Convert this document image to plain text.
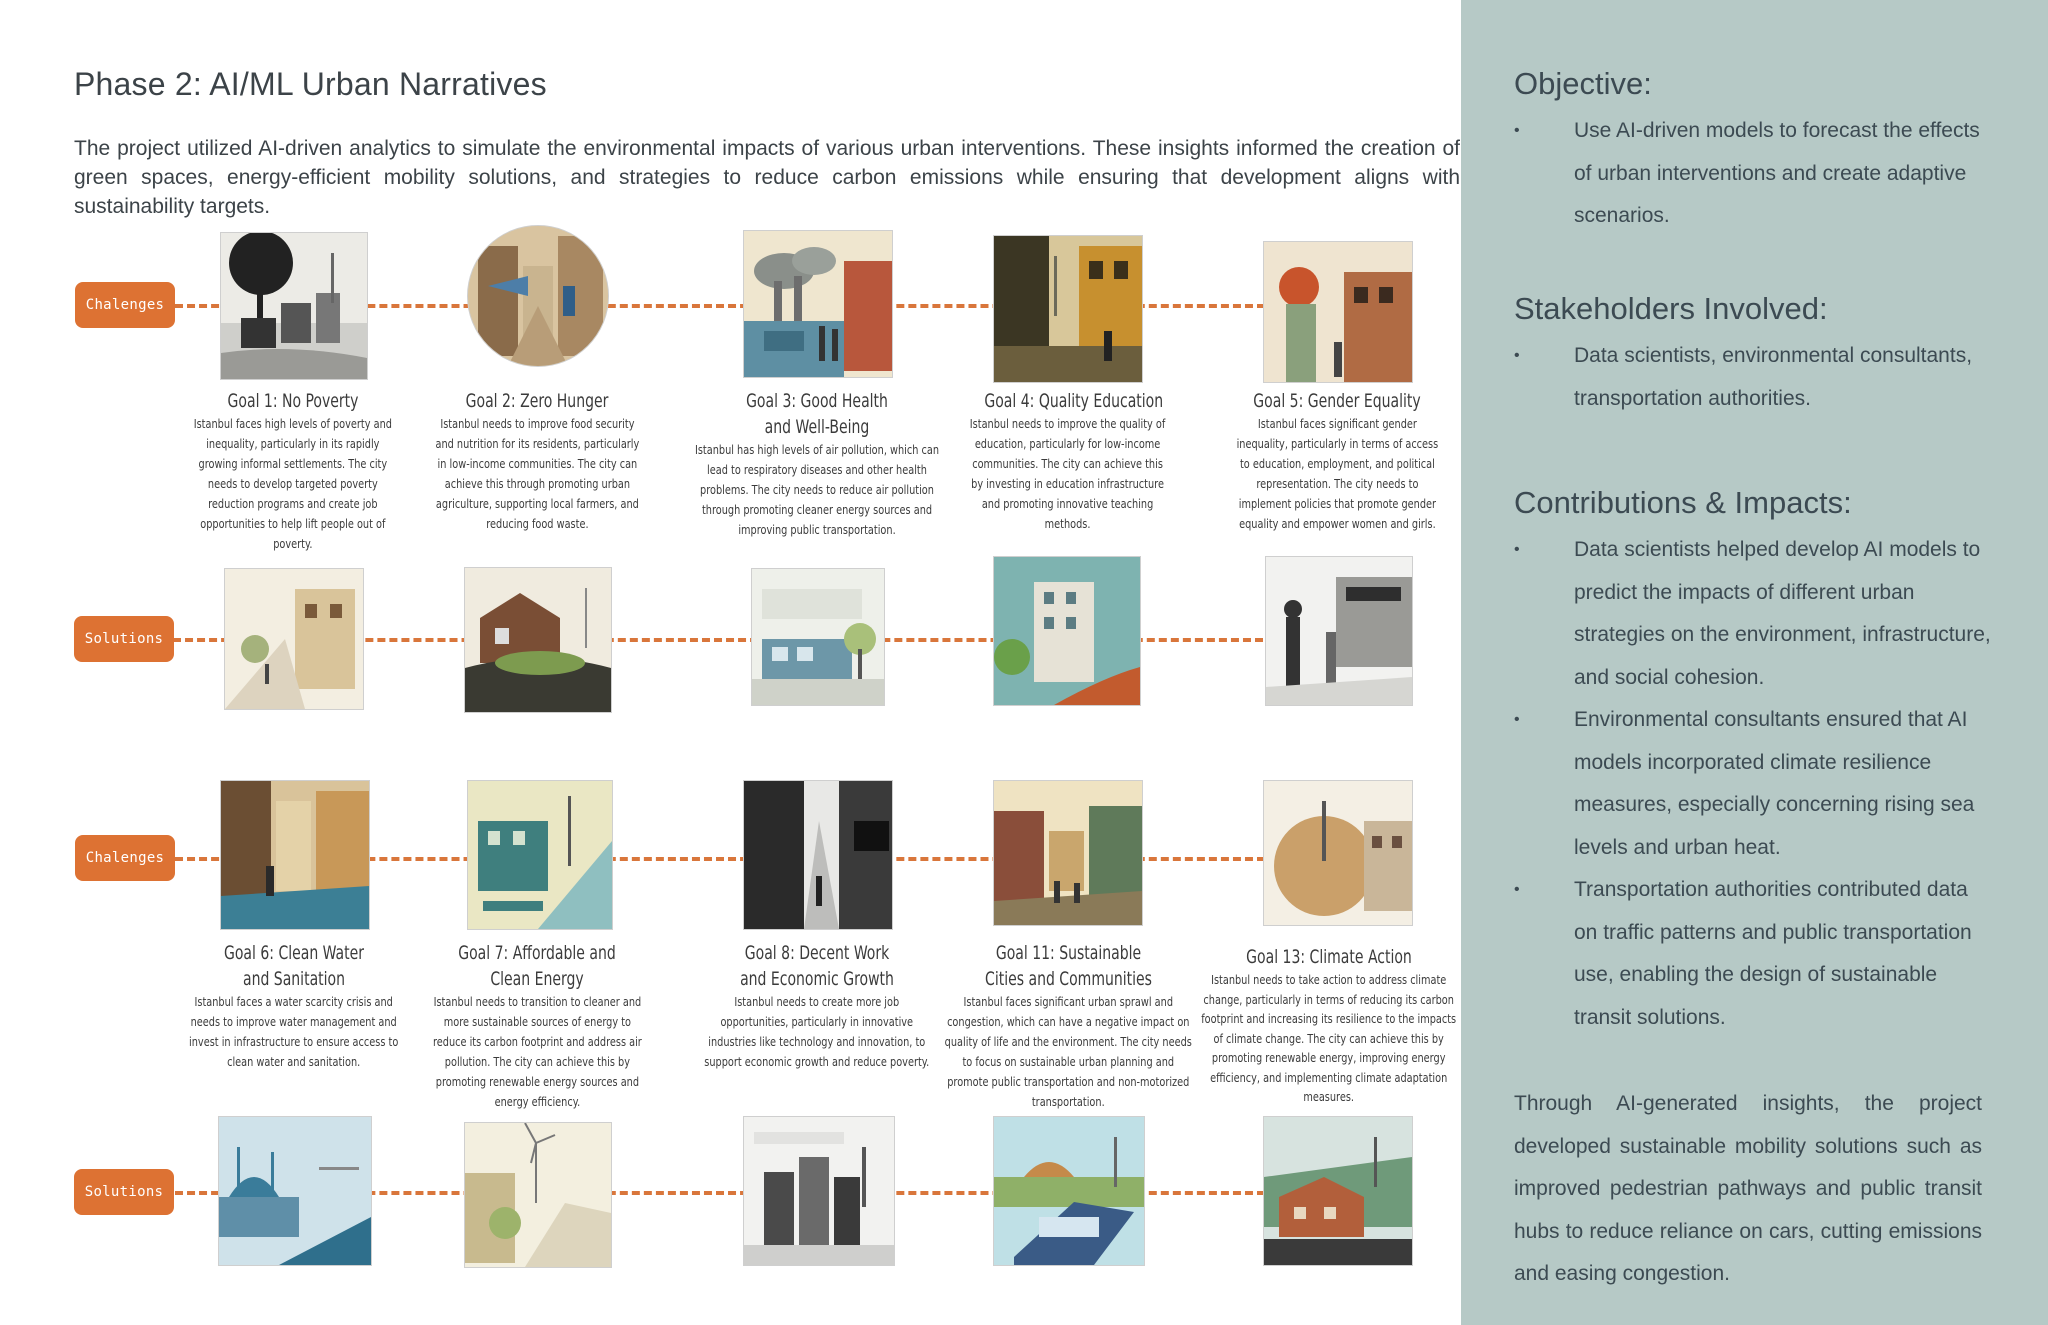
Phase 2: AI/ML Urban Narratives
The project utilized AI-driven analytics to simulate the environmental impacts of various urban interventions. These insights informed the creation of green spaces, energy-efficient mobility solutions, and strategies to reduce carbon emissions while ensuring that development aligns with sustainability targets.
Objective:
• Use AI-driven models to forecast the effects of urban interventions and create adaptive scenarios.
Stakeholders Involved:
• Data scientists, environmental consultants, transportation authorities.
Contributions & Impacts:
• Data scientists helped develop AI models to predict the impacts of different urban strategies on the environment, infrastructure, and social cohesion.
• Environmental consultants ensured that AI models incorporated climate resilience measures, especially concerning rising sea levels and urban heat.
• Transportation authorities contributed data on traffic patterns and public transportation use, enabling the design of sustainable transit solutions.
Through AI-generated insights, the project developed sustainable mobility solutions such as improved pedestrian pathways and public transit hubs to reduce reliance on cars, cutting emissions and easing congestion.
Chalenges
Solutions
Chalenges
Solutions
Goal 1: No Poverty
Istanbul faces high levels of poverty and inequality, particularly in its rapidly growing informal settlements. The city needs to develop targeted poverty reduction programs and create job opportunities to help lift people out of poverty.
Goal 2: Zero Hunger
Istanbul needs to improve food security and nutrition for its residents, particularly in low-income communities. The city can achieve this through promoting urban agriculture, supporting local farmers, and reducing food waste.
Goal 3: Good Health and Well-Being
Istanbul has high levels of air pollution, which can lead to respiratory diseases and other health problems. The city needs to reduce air pollution through promoting cleaner energy sources and improving public transportation.
Goal 4: Quality Education
Istanbul needs to improve the quality of education, particularly for low-income communities. The city can achieve this by investing in education infrastructure and promoting innovative teaching methods.
Goal 5: Gender Equality
Istanbul faces significant gender inequality, particularly in terms of access to education, employment, and political representation. The city needs to implement policies that promote gender equality and empower women and girls.
Goal 6: Clean Water and Sanitation
Istanbul faces a water scarcity crisis and needs to improve water management and invest in infrastructure to ensure access to clean water and sanitation.
Goal 7: Affordable and Clean Energy
Istanbul needs to transition to cleaner and more sustainable sources of energy to reduce its carbon footprint and address air pollution. The city can achieve this by promoting renewable energy sources and energy efficiency.
Goal 8: Decent Work and Economic Growth
Istanbul needs to create more job opportunities, particularly in innovative industries like technology and innovation, to support economic growth and reduce poverty.
Goal 11: Sustainable Cities and Communities
Istanbul faces significant urban sprawl and congestion, which can have a negative impact on quality of life and the environment. The city needs to focus on sustainable urban planning and promote public transportation and non-motorized transportation.
Goal 13: Climate Action
Istanbul needs to take action to address climate change, particularly in terms of reducing its carbon footprint and increasing its resilience to the impacts of climate change. The city can achieve this by promoting renewable energy, improving energy efficiency, and implementing climate adaptation measures.
